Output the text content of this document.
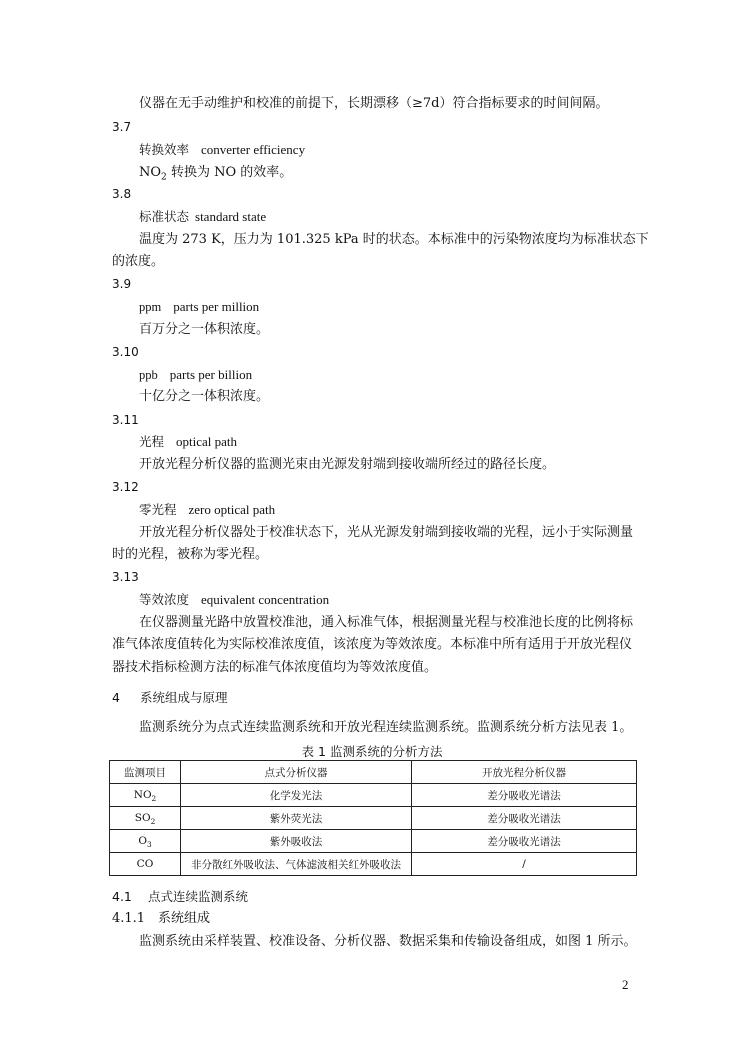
仪器在无手动维护和校准的前提下，长期漂移（≥7d）符合指标要求的时间间隔。
3.7
转换效率 converter efficiency
$NO_2$ 转换为 NO 的效率。
3.8
标准状态 standard state
温度为 273 K，压力为 101.325 kPa 时的状态。本标准中的污染物浓度均为标准状态下
的浓度。
3.9
ppm parts per million
百万分之一体积浓度。
3.10
ppb parts per billion
十亿分之一体积浓度。
3.11
光程 optical path
开放光程分析仪器的监测光束由光源发射端到接收端所经过的路径长度。
3.12
零光程 zero optical path
开放光程分析仪器处于校准状态下，光从光源发射端到接收端的光程，远小于实际测量
时的光程，被称为零光程。
3.13
等效浓度 equivalent concentration
在仪器测量光路中放置校准池，通入标准气体，根据测量光程与校准池长度的比例将标
准气体浓度值转化为实际校准浓度值，该浓度为等效浓度。本标准中所有适用于开放光程仪
器技术指标检测方法的标准气体浓度值均为等效浓度值。
4 系统组成与原理
监测系统分为点式连续监测系统和开放光程连续监测系统。监测系统分析方法见表 1。
表 1 监测系统的分析方法
监测项目	点式分析仪器	开放光程分析仪器
$NO_2$	化学发光法	差分吸收光谱法
$SO_2$	紫外荧光法	差分吸收光谱法
$O_3$	紫外吸收法	差分吸收光谱法
CO	非分散红外吸收法、气体滤波相关红外吸收法	/
4.1 点式连续监测系统
4.1.1 系统组成
监测系统由采样装置、校准设备、分析仪器、数据采集和传输设备组成，如图 1 所示。
2
